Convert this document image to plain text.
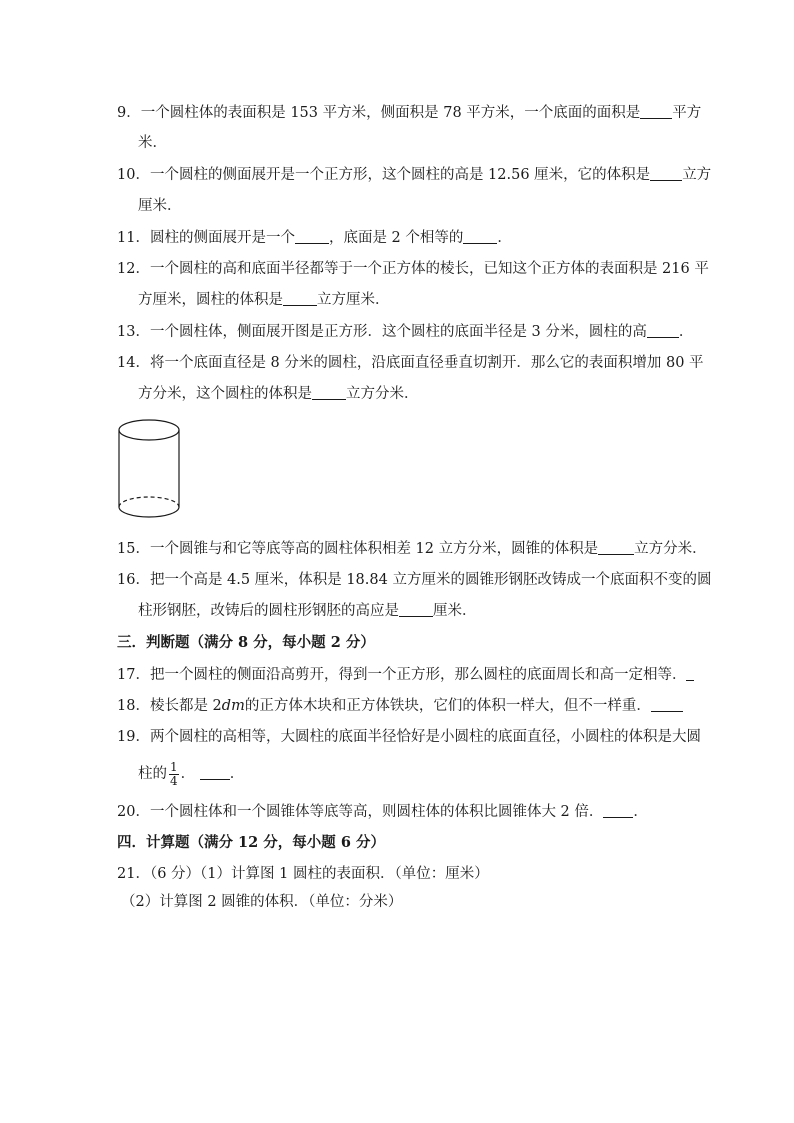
9．一个圆柱体的表面积是 153 平方米，侧面积是 78 平方米，一个底面的面积是 平方
米．
10．一个圆柱的侧面展开是一个正方形，这个圆柱的高是 12.56 厘米，它的体积是 立方
厘米．
11．圆柱的侧面展开是一个 ，底面是 2 个相等的 ．
12．一个圆柱的高和底面半径都等于一个正方体的棱长，已知这个正方体的表面积是 216 平
方厘米，圆柱的体积是 立方厘米．
13．一个圆柱体，侧面展开图是正方形．这个圆柱的底面半径是 3 分米，圆柱的高 ．
14．将一个底面直径是 8 分米的圆柱，沿底面直径垂直切割开．那么它的表面积增加 80 平
方分米，这个圆柱的体积是 立方分米．
15．一个圆锥与和它等底等高的圆柱体积相差 12 立方分米，圆锥的体积是 立方分米．
16．把一个高是 4.5 厘米，体积是 18.84 立方厘米的圆锥形钢胚改铸成一个底面积不变的圆
柱形钢胚，改铸后的圆柱形钢胚的高应是 厘米．
三．判断题（满分 8 分，每小题 2 分）
17．把一个圆柱的侧面沿高剪开，得到一个正方形，那么圆柱的底面周长和高一定相等．
18．棱长都是 2dm的正方体木块和正方体铁块，它们的体积一样大，但不一样重．
19．两个圆柱的高相等，大圆柱的底面半径恰好是小圆柱的底面直径，小圆柱的体积是大圆
柱的 $\frac{1}{4}$ ． ．
20．一个圆柱体和一个圆锥体等底等高，则圆柱体的体积比圆锥体大 2 倍． ．
四．计算题（满分 12 分，每小题 6 分）
21．（6 分）（1）计算图 1 圆柱的表面积．（单位：厘米）
（2）计算图 2 圆锥的体积．（单位：分米）
